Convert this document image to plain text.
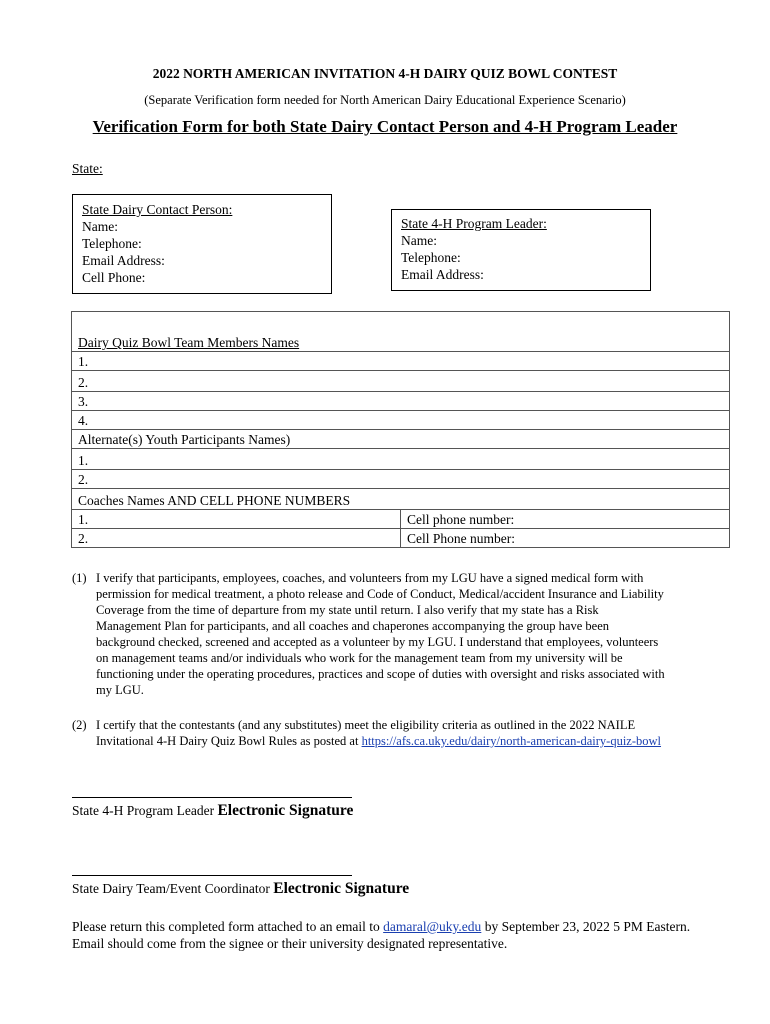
2022 NORTH AMERICAN INVITATION 4-H DAIRY QUIZ BOWL CONTEST
(Separate Verification form needed for North American Dairy Educational Experience Scenario)
Verification Form for both State Dairy Contact Person and 4-H Program Leader
State:
State Dairy Contact Person:
Name:
Telephone:
Email Address:
Cell Phone:
State 4-H Program Leader:
Name:
Telephone:
Email Address:
Dairy Quiz Bowl Team Members Names	
1.	
2.	
3.	
4.	
Alternate(s) Youth Participants Names)	
1.	
2.	
Coaches Names AND CELL PHONE NUMBERS	
1.	Cell phone number:
2.	Cell Phone number:
(1) I verify that participants, employees, coaches, and volunteers from my LGU have a signed medical form with
permission for medical treatment, a photo release and Code of Conduct, Medical/accident Insurance and Liability
Coverage from the time of departure from my state until return. I also verify that my state has a Risk
Management Plan for participants, and all coaches and chaperones accompanying the group have been
background checked, screened and accepted as a volunteer by my LGU. I understand that employees, volunteers
on management teams and/or individuals who work for the management team from my university will be
functioning under the operating procedures, practices and scope of duties with oversight and risks associated with
my LGU.
(2) I certify that the contestants (and any substitutes) meet the eligibility criteria as outlined in the 2022 NAILE
Invitational 4-H Dairy Quiz Bowl Rules as posted at https://afs.ca.uky.edu/dairy/north-american-dairy-quiz-bowl
State 4-H Program Leader Electronic Signature
State Dairy Team/Event Coordinator Electronic Signature
Please return this completed form attached to an email to damaral@uky.edu by September 23, 2022 5 PM Eastern.
Email should come from the signee or their university designated representative.
